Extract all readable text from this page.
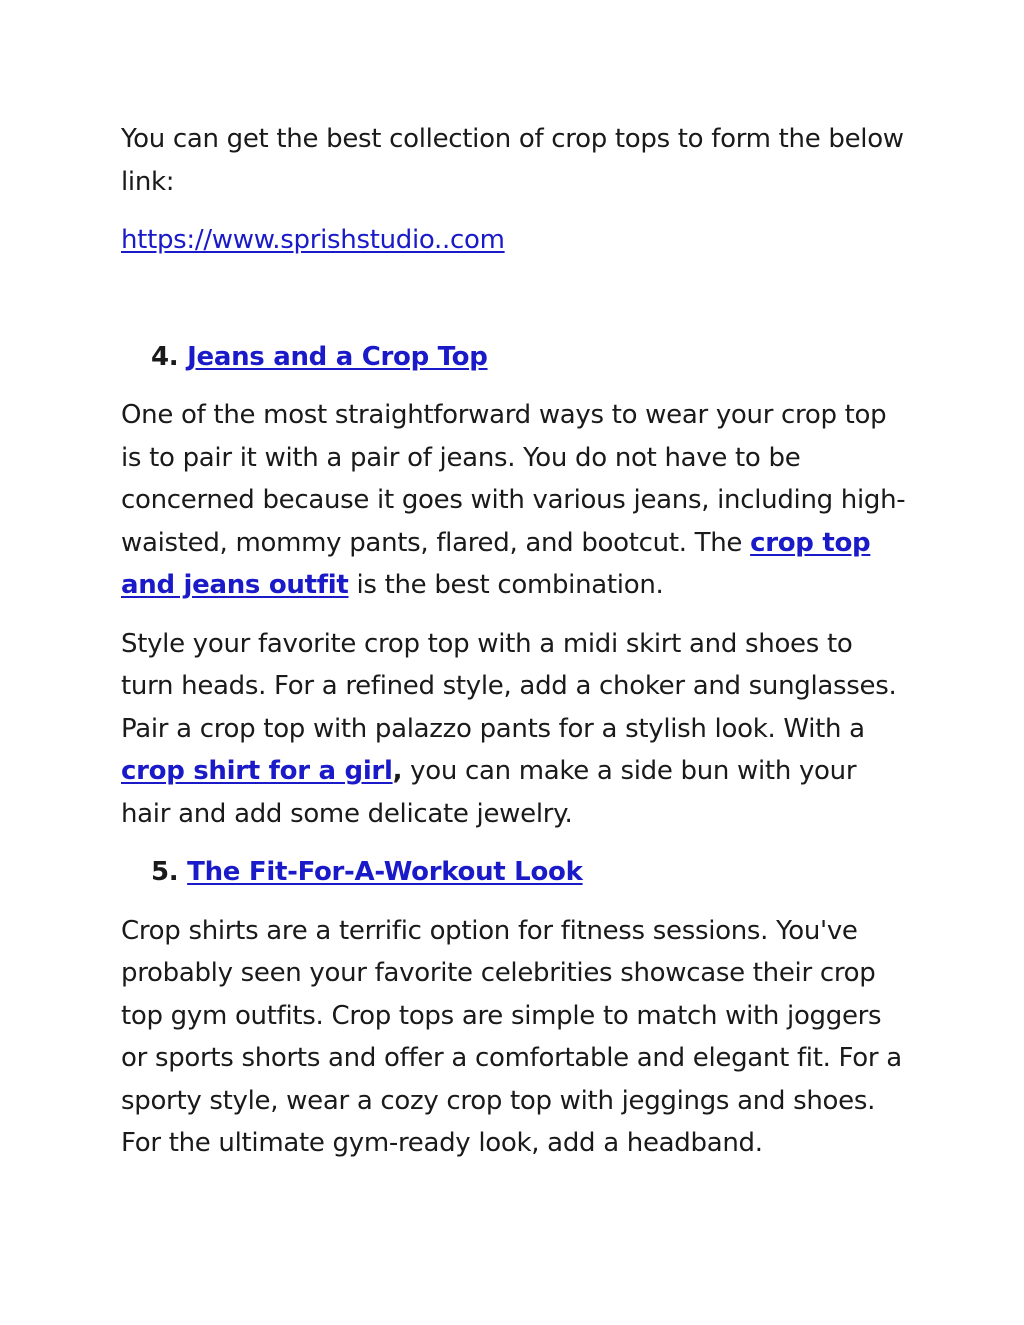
You can get the best collection of crop tops to form the below link:

https://www.sprishstudio..com

4. Jeans and a Crop Top

One of the most straightforward ways to wear your crop top is to pair it with a pair of jeans. You do not have to be concerned because it goes with various jeans, including high-waisted, mommy pants, flared, and bootcut. The crop top and jeans outfit is the best combination.

Style your favorite crop top with a midi skirt and shoes to turn heads. For a refined style, add a choker and sunglasses. Pair a crop top with palazzo pants for a stylish look. With a crop shirt for a girl, you can make a side bun with your hair and add some delicate jewelry.

5. The Fit-For-A-Workout Look

Crop shirts are a terrific option for fitness sessions. You've probably seen your favorite celebrities showcase their crop top gym outfits. Crop tops are simple to match with joggers or sports shorts and offer a comfortable and elegant fit. For a sporty style, wear a cozy crop top with jeggings and shoes. For the ultimate gym-ready look, add a headband.
